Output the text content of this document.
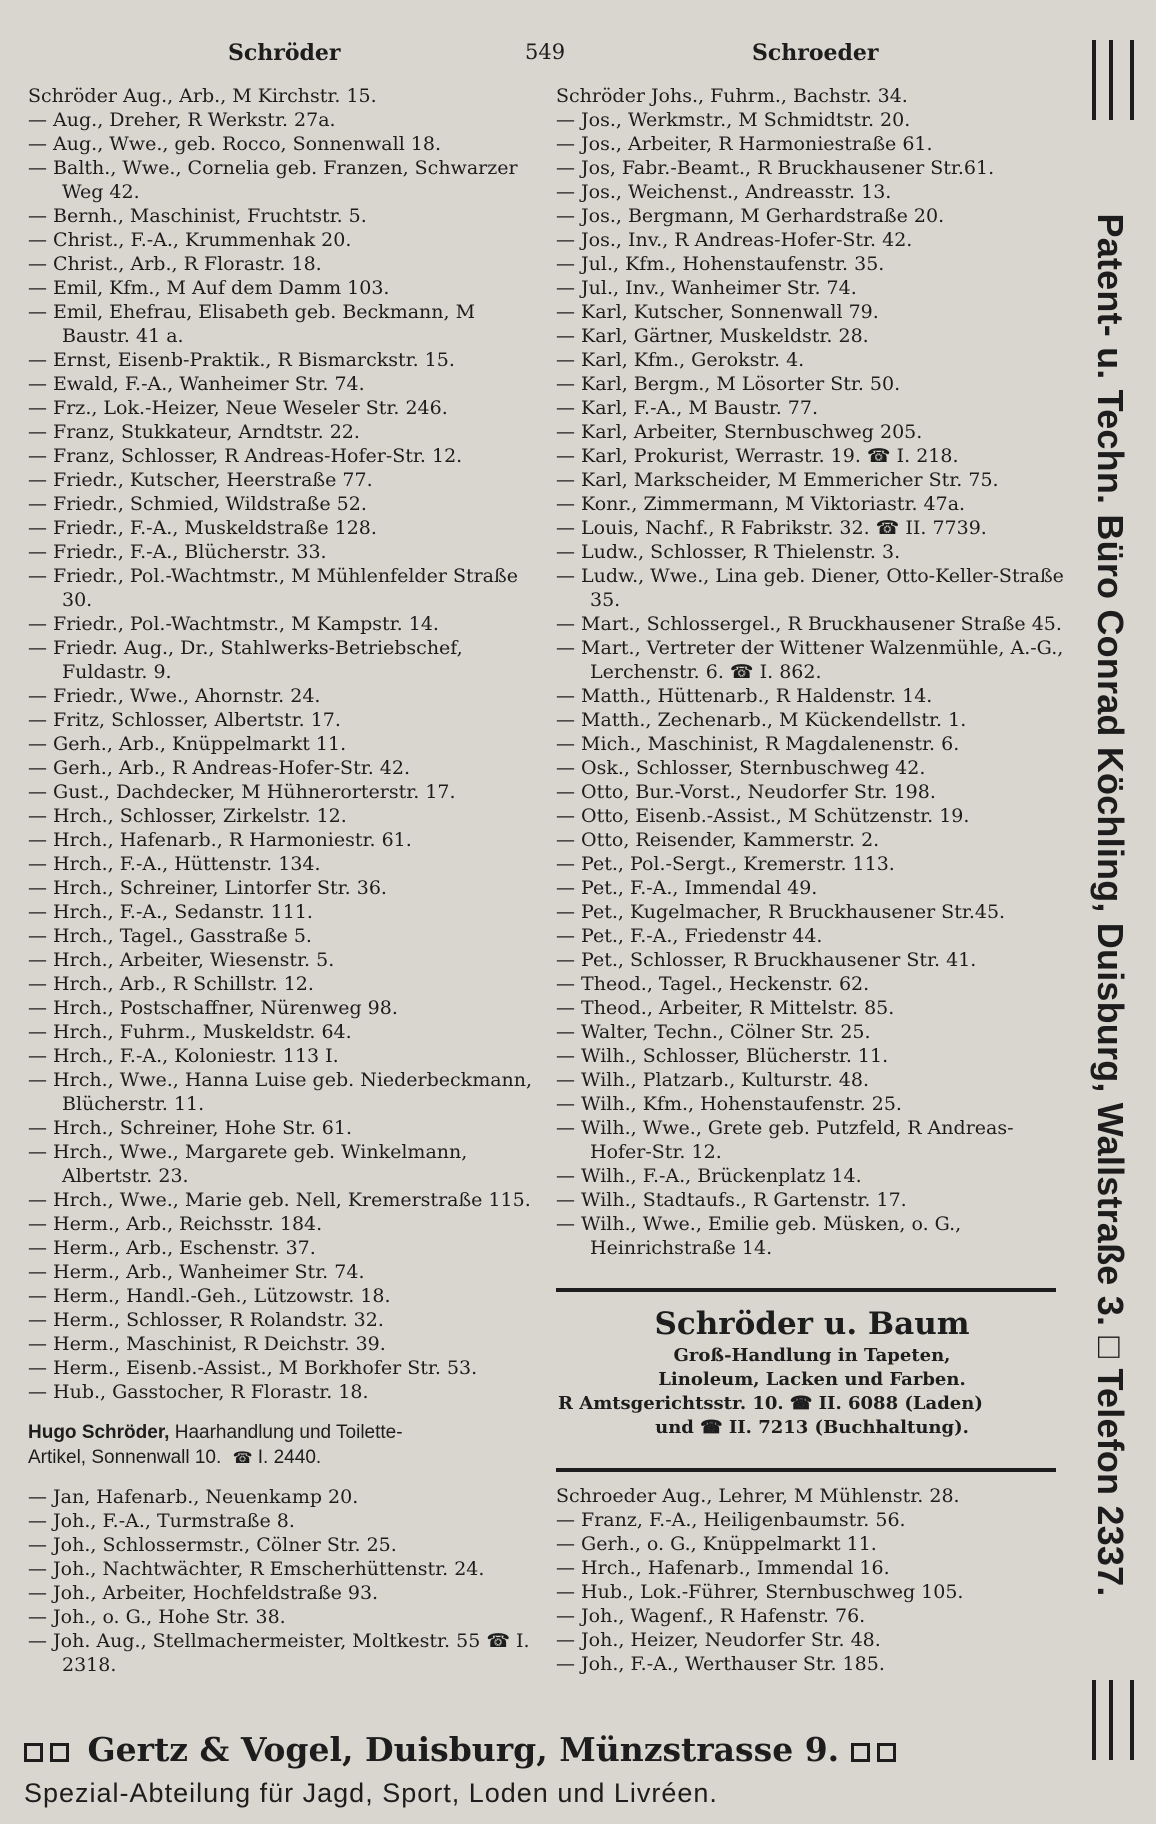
Schröder	549	Schroeder
Schröder Aug., Arb., M Kirchstr. 15.
— Aug., Dreher, R Werkstr. 27a.
— Aug., Wwe., geb. Rocco, Sonnenwall 18.
— Balth., Wwe., Cornelia geb. Franzen, Schwarzer Weg 42.
— Bernh., Maschinist, Fruchtstr. 5.
— Christ., F.-A., Krummenhak 20.
— Christ., Arb., R Florastr. 18.
— Emil, Kfm., M Auf dem Damm 103.
— Emil, Ehefrau, Elisabeth geb. Beckmann, M Baustr. 41 a.
— Ernst, Eisenb-Praktik., R Bismarckstr. 15.
— Ewald, F.-A., Wanheimer Str. 74.
— Frz., Lok.-Heizer, Neue Weseler Str. 246.
— Franz, Stukkateur, Arndtstr. 22.
— Franz, Schlosser, R Andreas-Hofer-Str. 12.
— Friedr., Kutscher, Heerstraße 77.
— Friedr., Schmied, Wildstraße 52.
— Friedr., F.-A., Muskeldstraße 128.
— Friedr., F.-A., Blücherstr. 33.
— Friedr., Pol.-Wachtmstr., M Mühlenfelder Straße 30.
— Friedr., Pol.-Wachtmstr., M Kampstr. 14.
— Friedr. Aug., Dr., Stahlwerks-Betriebschef, Fuldastr. 9.
— Friedr., Wwe., Ahornstr. 24.
— Fritz, Schlosser, Albertstr. 17.
— Gerh., Arb., Knüppelmarkt 11.
— Gerh., Arb., R Andreas-Hofer-Str. 42.
— Gust., Dachdecker, M Hühnerorterstr. 17.
— Hrch., Schlosser, Zirkelstr. 12.
— Hrch., Hafenarb., R Harmoniestr. 61.
— Hrch., F.-A., Hüttenstr. 134.
— Hrch., Schreiner, Lintorfer Str. 36.
— Hrch., F.-A., Sedanstr. 111.
— Hrch., Tagel., Gasstraße 5.
— Hrch., Arbeiter, Wiesenstr. 5.
— Hrch., Arb., R Schillstr. 12.
— Hrch., Postschaffner, Nürenweg 98.
— Hrch., Fuhrm., Muskeldstr. 64.
— Hrch., F.-A., Koloniestr. 113 I.
— Hrch., Wwe., Hanna Luise geb. Niederbeckmann, Blücherstr. 11.
— Hrch., Schreiner, Hohe Str. 61.
— Hrch., Wwe., Margarete geb. Winkelmann, Albertstr. 23.
— Hrch., Wwe., Marie geb. Nell, Kremerstraße 115.
— Herm., Arb., Reichsstr. 184.
— Herm., Arb., Eschenstr. 37.
— Herm., Arb., Wanheimer Str. 74.
— Herm., Handl.-Geh., Lützowstr. 18.
— Herm., Schlosser, R Rolandstr. 32.
— Herm., Maschinist, R Deichstr. 39.
— Herm., Eisenb.-Assist., M Borkhofer Str. 53.
— Hub., Gasstocher, R Florastr. 18.
Hugo Schröder, Haarhandlung und Toilette-
Artikel, Sonnenwall 10. ☎ I. 2440.
— Jan, Hafenarb., Neuenkamp 20.
— Joh., F.-A., Turmstraße 8.
— Joh., Schlossermstr., Cölner Str. 25.
— Joh., Nachtwächter, R Emscherhüttenstr. 24.
— Joh., Arbeiter, Hochfeldstraße 93.
— Joh., o. G., Hohe Str. 38.
— Joh. Aug., Stellmachermeister, Moltkestr. 55 ☎ I. 2318.
Schröder Johs., Fuhrm., Bachstr. 34.
— Jos., Werkmstr., M Schmidtstr. 20.
— Jos., Arbeiter, R Harmoniestraße 61.
— Jos, Fabr.-Beamt., R Bruckhausener Str.61.
— Jos., Weichenst., Andreasstr. 13.
— Jos., Bergmann, M Gerhardstraße 20.
— Jos., Inv., R Andreas-Hofer-Str. 42.
— Jul., Kfm., Hohenstaufenstr. 35.
— Jul., Inv., Wanheimer Str. 74.
— Karl, Kutscher, Sonnenwall 79.
— Karl, Gärtner, Muskeldstr. 28.
— Karl, Kfm., Gerokstr. 4.
— Karl, Bergm., M Lösorter Str. 50.
— Karl, F.-A., M Baustr. 77.
— Karl, Arbeiter, Sternbuschweg 205.
— Karl, Prokurist, Werrastr. 19. ☎ I. 218.
— Karl, Markscheider, M Emmericher Str. 75.
— Konr., Zimmermann, M Viktoriastr. 47a.
— Louis, Nachf., R Fabrikstr. 32. ☎ II. 7739.
— Ludw., Schlosser, R Thielenstr. 3.
— Ludw., Wwe., Lina geb. Diener, Otto-Keller-Straße 35.
— Mart., Schlossergel., R Bruckhausener Straße 45.
— Mart., Vertreter der Wittener Walzenmühle, A.-G., Lerchenstr. 6. ☎ I. 862.
— Matth., Hüttenarb., R Haldenstr. 14.
— Matth., Zechenarb., M Kückendellstr. 1.
— Mich., Maschinist, R Magdalenenstr. 6.
— Osk., Schlosser, Sternbuschweg 42.
— Otto, Bur.-Vorst., Neudorfer Str. 198.
— Otto, Eisenb.-Assist., M Schützenstr. 19.
— Otto, Reisender, Kammerstr. 2.
— Pet., Pol.-Sergt., Kremerstr. 113.
— Pet., F.-A., Immendal 49.
— Pet., Kugelmacher, R Bruckhausener Str.45.
— Pet., F.-A., Friedenstr 44.
— Pet., Schlosser, R Bruckhausener Str. 41.
— Theod., Tagel., Heckenstr. 62.
— Theod., Arbeiter, R Mittelstr. 85.
— Walter, Techn., Cölner Str. 25.
— Wilh., Schlosser, Blücherstr. 11.
— Wilh., Platzarb., Kulturstr. 48.
— Wilh., Kfm., Hohenstaufenstr. 25.
— Wilh., Wwe., Grete geb. Putzfeld, R Andreas-Hofer-Str. 12.
— Wilh., F.-A., Brückenplatz 14.
— Wilh., Stadtaufs., R Gartenstr. 17.
— Wilh., Wwe., Emilie geb. Müsken, o. G., Heinrichstraße 14.
Schröder u. Baum
Groß-Handlung in Tapeten,
Linoleum, Lacken und Farben.
R Amtsgerichtsstr. 10. ☎ II. 6088 (Laden)
und ☎ II. 7213 (Buchhaltung).
Schroeder Aug., Lehrer, M Mühlenstr. 28.
— Franz, F.-A., Heiligenbaumstr. 56.
— Gerh., o. G., Knüppelmarkt 11.
— Hrch., Hafenarb., Immendal 16.
— Hub., Lok.-Führer, Sternbuschweg 105.
— Joh., Wagenf., R Hafenstr. 76.
— Joh., Heizer, Neudorfer Str. 48.
— Joh., F.-A., Werthauser Str. 185.
Patent- u. Techn. Büro Conrad Köchling, Duisburg, Wallstraße 3. □ Telefon 2337.
Gertz & Vogel, Duisburg, Münzstrasse 9.
Spezial-Abteilung für Jagd, Sport, Loden und Livréen.
